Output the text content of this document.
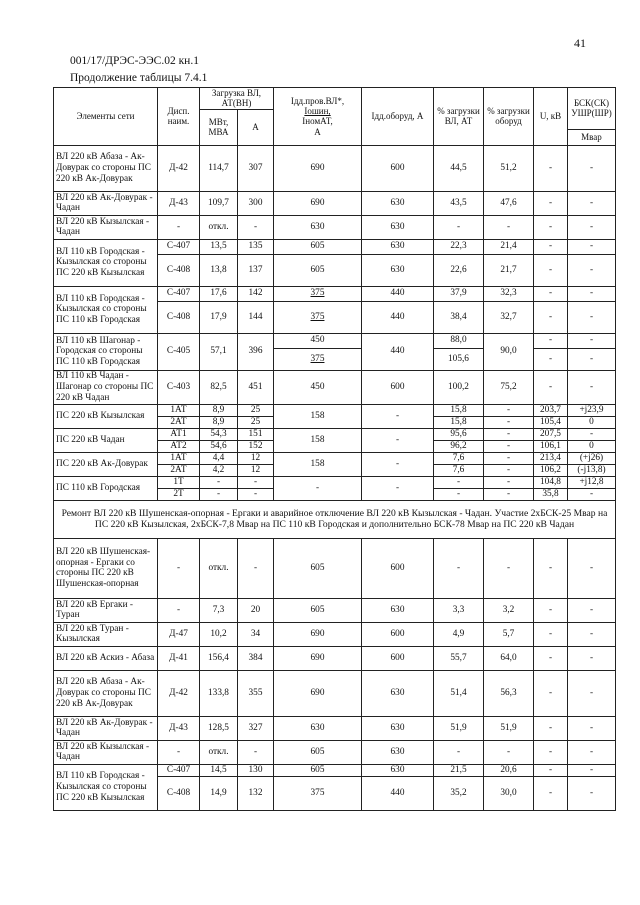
41
001/17/ДРЭС-ЭЭС.02 кн.1
Продолжение таблицы 7.4.1
Элементы сети	Дисп. наим.	Загрузка ВЛ, АТ(ВН)		Iдд.пров.ВЛ*,
Iошин,
IномАТ,
А	Iдд.оборуд, А	% загрузки ВЛ, АТ	% загрузки оборуд	U, кВ	БСК(СК) УШР(ШР)
		МВт, МВА	А						
									Мвар
ВЛ 220 кВ Абаза - Ак-Довурак со стороны ПС 220 кВ Ак-Довурак	Д-42	114,7	307	690	600	44,5	51,2	-	-
ВЛ 220 кВ Ак-Довурак - Чадан	Д-43	109,7	300	690	630	43,5	47,6	-	-
ВЛ 220 кВ Кызылская - Чадан	-	откл.	-	630	630	-	-	-	-
ВЛ 110 кВ Городская - Кызылская со стороны ПС 220 кВ Кызылская	С-407	13,5	135	605	630	22,3	21,4	-	-
	С-408	13,8	137	605	630	22,6	21,7	-	-
ВЛ 110 кВ Городская - Кызылская со стороны ПС 110 кВ Городская	С-407	17,6	142	375	440	37,9	32,3	-	-
	С-408	17,9	144	375	440	38,4	32,7	-	-
ВЛ 110 кВ Шагонар - Городская со стороны ПС 110 кВ Городская	С-405	57,1	396	450	440	88,0	90,0	-	-
				375		105,6		-	-
ВЛ 110 кВ Чадан - Шагонар со стороны ПС 220 кВ Чадан	С-403	82,5	451	450	600	100,2	75,2	-	-
ПС 220 кВ Кызылская	1АТ	8,9	25	158	-	15,8	-	203,7	+j23,9
	2АТ	8,9	25			15,8	-	105,4	0
ПС 220 кВ Чадан	АТ1	54,3	151	158	-	95,6	-	207,5	-
	АТ2	54,6	152			96,2	-	106,1	0
ПС 220 кВ Ак-Довурак	1АТ	4,4	12	158	-	7,6	-	213,4	(+j26)
	2АТ	4,2	12			7,6	-	106,2	(-j13,8)
ПС 110 кВ Городская	1Т	-	-	-	-	-	-	104,8	+j12,8
	2Т	-	-			-	-	35,8	-
Ремонт ВЛ 220 кВ Шушенская-опорная - Ергаки и аварийное отключение ВЛ 220 кВ Кызылская - Чадан. Участие 2хБСК-25 Мвар на ПС 220 кВ Кызылская, 2хБСК-7,8 Мвар на ПС 110 кВ Городская и дополнительно БСК-78 Мвар на ПС 220 кВ Чадан									
ВЛ 220 кВ Шушенская-опорная - Ергаки со стороны ПС 220 кВ Шушенская-опорная	-	откл.	-	605	600	-	-	-	-
ВЛ 220 кВ Ергаки - Туран	-	7,3	20	605	630	3,3	3,2	-	-
ВЛ 220 кВ Туран - Кызылская	Д-47	10,2	34	690	600	4,9	5,7	-	-
ВЛ 220 кВ Аскиз - Абаза	Д-41	156,4	384	690	600	55,7	64,0	-	-
ВЛ 220 кВ Абаза - Ак-Довурак со стороны ПС 220 кВ Ак-Довурак	Д-42	133,8	355	690	630	51,4	56,3	-	-
ВЛ 220 кВ Ак-Довурак - Чадан	Д-43	128,5	327	630	630	51,9	51,9	-	-
ВЛ 220 кВ Кызылская - Чадан	-	откл.	-	605	630	-	-	-	-
ВЛ 110 кВ Городская - Кызылская со стороны ПС 220 кВ Кызылская	С-407	14,5	130	605	630	21,5	20,6	-	-
	С-408	14,9	132	375	440	35,2	30,0	-	-
